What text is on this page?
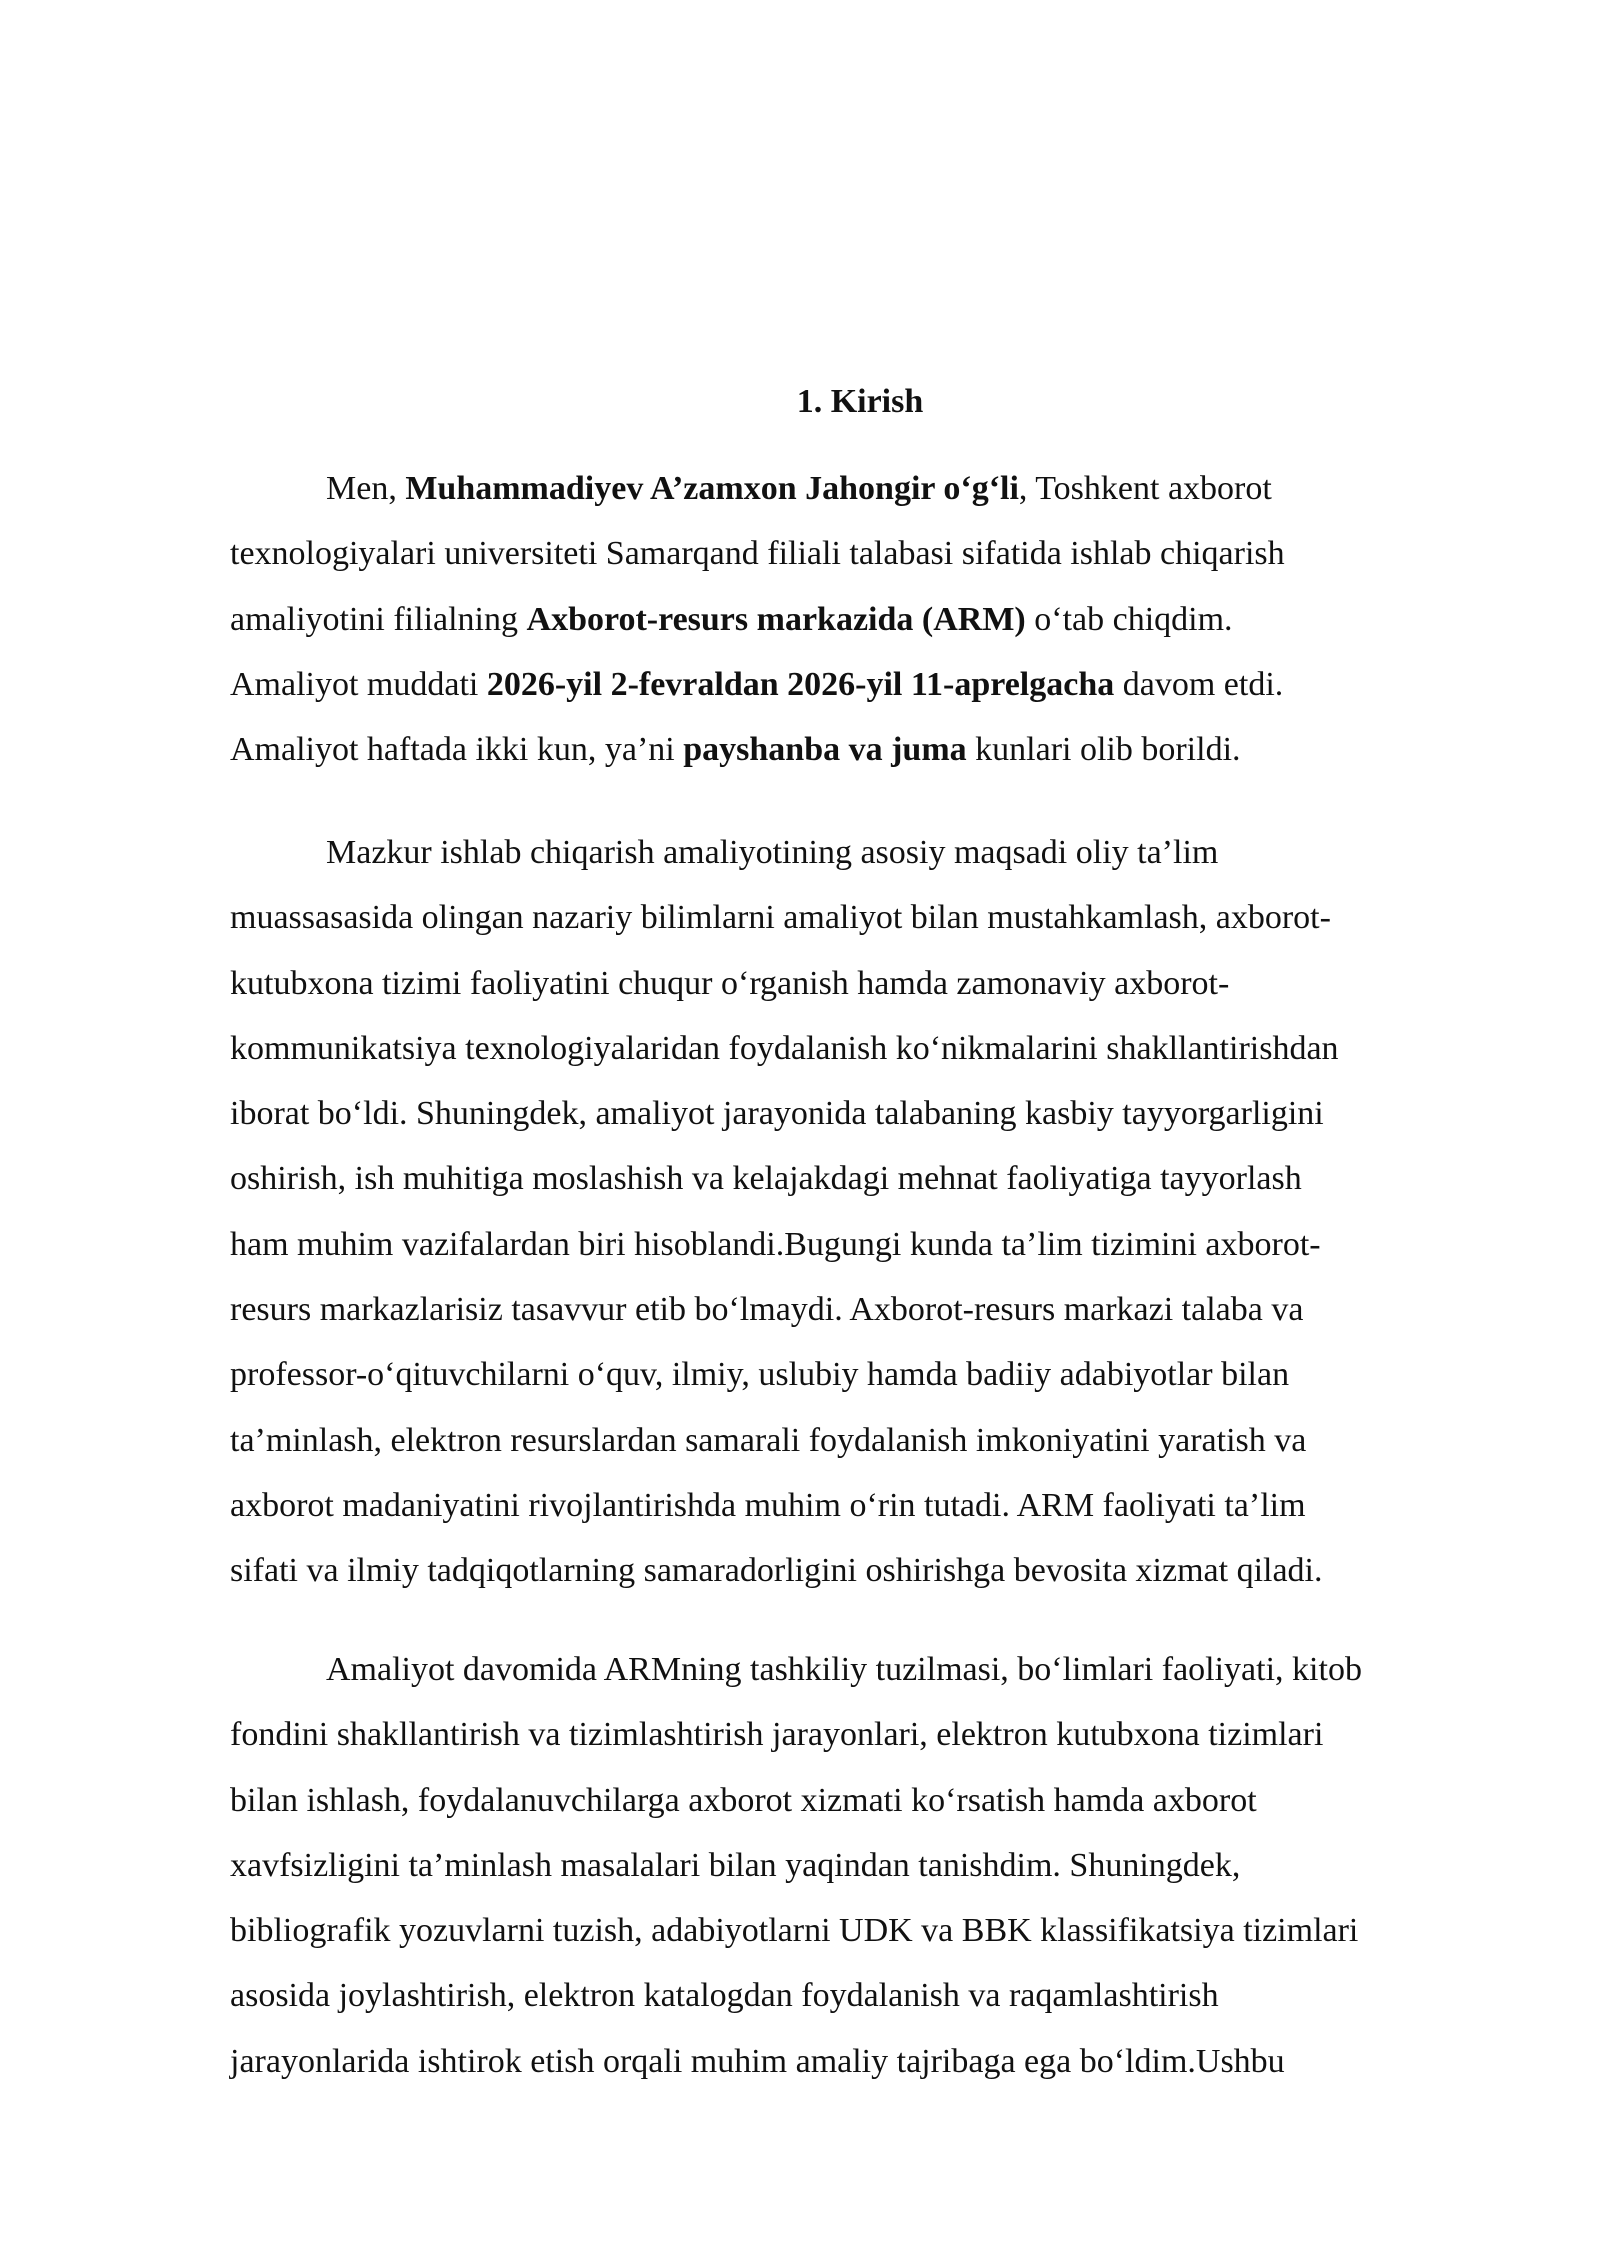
1. Kirish
Men, Muhammadiyev A’zamxon Jahongir o‘g‘li, Toshkent axborot
texnologiyalari universiteti Samarqand filiali talabasi sifatida ishlab chiqarish
amaliyotini filialning Axborot-resurs markazida (ARM) o‘tab chiqdim.
Amaliyot muddati 2026-yil 2-fevraldan 2026-yil 11-aprelgacha davom etdi.
Amaliyot haftada ikki kun, ya’ni payshanba va juma kunlari olib borildi.
Mazkur ishlab chiqarish amaliyotining asosiy maqsadi oliy ta’lim
muassasasida olingan nazariy bilimlarni amaliyot bilan mustahkamlash, axborot-
kutubxona tizimi faoliyatini chuqur o‘rganish hamda zamonaviy axborot-
kommunikatsiya texnologiyalaridan foydalanish ko‘nikmalarini shakllantirishdan
iborat bo‘ldi. Shuningdek, amaliyot jarayonida talabaning kasbiy tayyorgarligini
oshirish, ish muhitiga moslashish va kelajakdagi mehnat faoliyatiga tayyorlash
ham muhim vazifalardan biri hisoblandi.Bugungi kunda ta’lim tizimini axborot-
resurs markazlarisiz tasavvur etib bo‘lmaydi. Axborot-resurs markazi talaba va
professor-o‘qituvchilarni o‘quv, ilmiy, uslubiy hamda badiiy adabiyotlar bilan
ta’minlash, elektron resurslardan samarali foydalanish imkoniyatini yaratish va
axborot madaniyatini rivojlantirishda muhim o‘rin tutadi. ARM faoliyati ta’lim
sifati va ilmiy tadqiqotlarning samaradorligini oshirishga bevosita xizmat qiladi.
Amaliyot davomida ARMning tashkiliy tuzilmasi, bo‘limlari faoliyati, kitob
fondini shakllantirish va tizimlashtirish jarayonlari, elektron kutubxona tizimlari
bilan ishlash, foydalanuvchilarga axborot xizmati ko‘rsatish hamda axborot
xavfsizligini ta’minlash masalalari bilan yaqindan tanishdim. Shuningdek,
bibliografik yozuvlarni tuzish, adabiyotlarni UDK va BBK klassifikatsiya tizimlari
asosida joylashtirish, elektron katalogdan foydalanish va raqamlashtirish
jarayonlarida ishtirok etish orqali muhim amaliy tajribaga ega bo‘ldim.Ushbu
